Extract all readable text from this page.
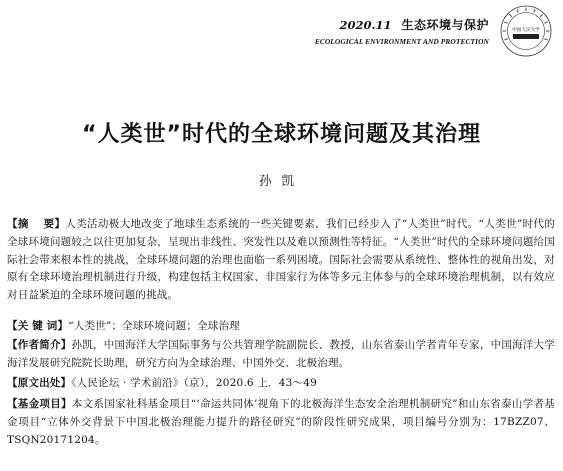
2020.11 生态环境与保护
ECOLOGICAL ENVIRONMENT AND PROTECTION
中国人民大学
“人类世”时代的全球环境问题及其治理
孙凯
【摘　 要】人类活动极大地改变了地球生态系统的一些关键要素，我们已经步入了“人类世”时代。“人类世”时代的全球环境问题较之以往更加复杂，呈现出非线性、突发性以及难以预测性等特征。“人类世”时代的全球环境问题给国际社会带来根本性的挑战，全球环境问题的治理也面临一系列困境。国际社会需要从系统性、整体性的视角出发，对原有全球环境治理机制进行升级，构建包括主权国家、非国家行为体等多元主体参与的全球环境治理机制，以有效应对日益紧迫的全球环境问题的挑战。
【关 键 词】“人类世”；全球环境问题；全球治理
【作者简介】孙凯，中国海洋大学国际事务与公共管理学院副院长、教授，山东省泰山学者青年专家，中国海洋大学海洋发展研究院院长助理，研究方向为全球治理、中国外交、北极治理。
【原文出处】《人民论坛 · 学术前沿》（京），2020.6 上．43～49
【基金项目】本文系国家社科基金项目“‘命运共同体’视角下的北极海洋生态安全治理机制研究”和山东省泰山学者基金项目“立体外交背景下中国北极治理能力提升的路径研究”的阶段性研究成果，项目编号分别为：17BZZ07、TSQN20171204。
